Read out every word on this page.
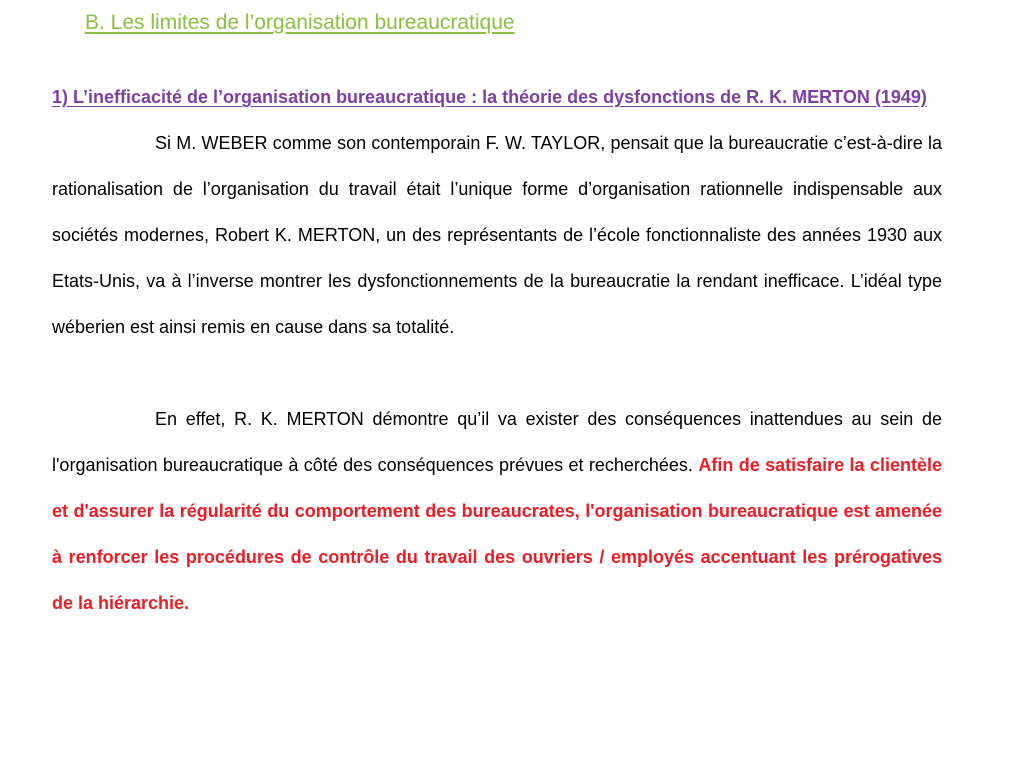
B. Les limites de l’organisation bureaucratique

1) L’inefficacité de l’organisation bureaucratique : la théorie des dysfonctions de R. K. MERTON (1949)

Si M. WEBER comme son contemporain F. W. TAYLOR, pensait que la bureaucratie c’est-à-dire la rationalisation de l’organisation du travail était l’unique forme d’organisation rationnelle indispensable aux sociétés modernes, Robert K. MERTON, un des représentants de l’école fonctionnaliste des années 1930 aux Etats-Unis, va à l’inverse montrer les dysfonctionnements de la bureaucratie la rendant inefficace. L’idéal type wéberien est ainsi remis en cause dans sa totalité.

En effet, R. K. MERTON démontre qu’il va exister des conséquences inattendues au sein de l'organisation bureaucratique à côté des conséquences prévues et recherchées. Afin de satisfaire la clientèle et d'assurer la régularité du comportement des bureaucrates, l'organisation bureaucratique est amenée à renforcer les procédures de contrôle du travail des ouvriers / employés accentuant les prérogatives de la hiérarchie.
